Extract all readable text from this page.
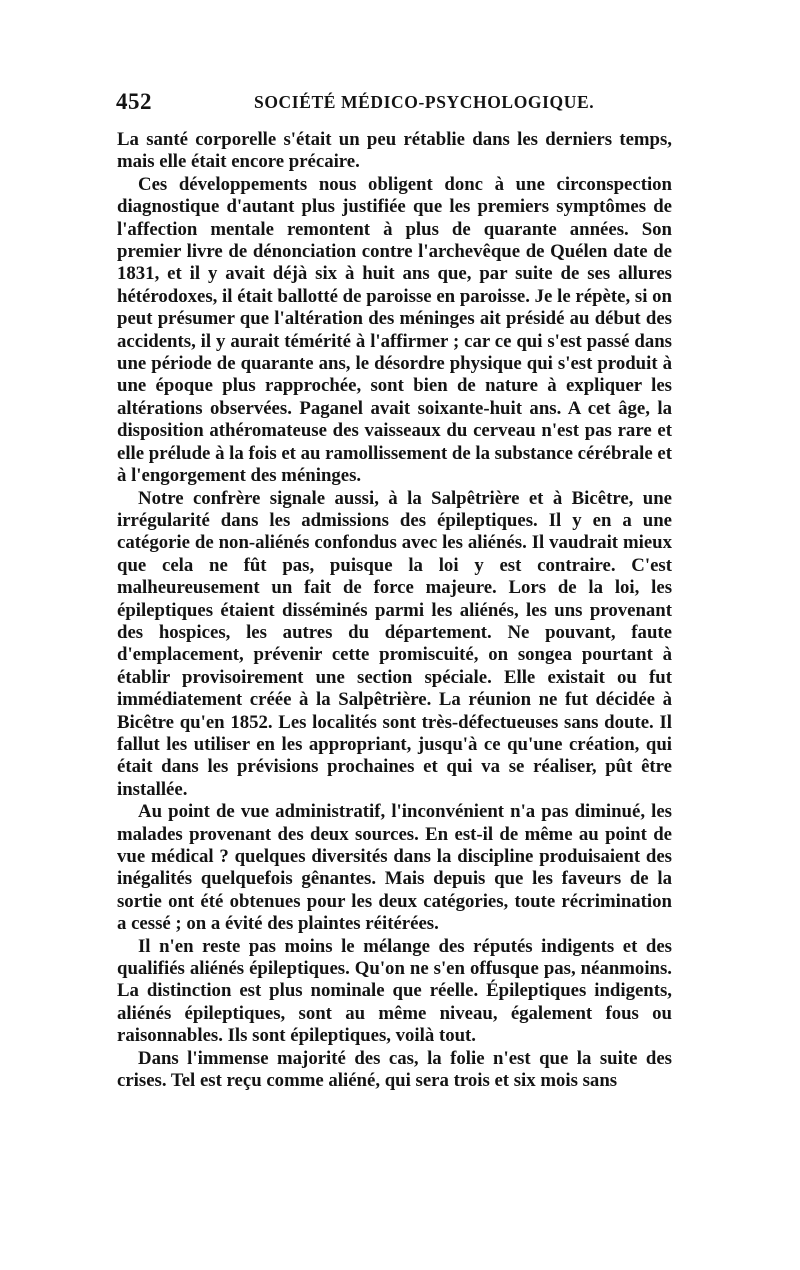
452	SOCIÉTÉ MÉDICO-PSYCHOLOGIQUE.

La santé corporelle s'était un peu rétablie dans les derniers temps, mais elle était encore précaire.

Ces développements nous obligent donc à une circonspection diagnostique d'autant plus justifiée que les premiers symptômes de l'affection mentale remontent à plus de quarante années. Son premier livre de dénonciation contre l'archevêque de Quélen date de 1831, et il y avait déjà six à huit ans que, par suite de ses allures hétérodoxes, il était ballotté de paroisse en paroisse. Je le répète, si on peut présumer que l'altération des méninges ait présidé au début des accidents, il y aurait témérité à l'affirmer ; car ce qui s'est passé dans une période de quarante ans, le désordre physique qui s'est produit à une époque plus rapprochée, sont bien de nature à expliquer les altérations observées. Paganel avait soixante-huit ans. A cet âge, la disposition athéromateuse des vaisseaux du cerveau n'est pas rare et elle prélude à la fois et au ramollissement de la substance cérébrale et à l'engorgement des méninges.

Notre confrère signale aussi, à la Salpêtrière et à Bicêtre, une irrégularité dans les admissions des épileptiques. Il y en a une catégorie de non-aliénés confondus avec les aliénés. Il vaudrait mieux que cela ne fût pas, puisque la loi y est contraire. C'est malheureusement un fait de force majeure. Lors de la loi, les épileptiques étaient disséminés parmi les aliénés, les uns provenant des hospices, les autres du département. Ne pouvant, faute d'emplacement, prévenir cette promiscuité, on songea pourtant à établir provisoirement une section spéciale. Elle existait ou fut immédiatement créée à la Salpêtrière. La réunion ne fut décidée à Bicêtre qu'en 1852. Les localités sont très-défectueuses sans doute. Il fallut les utiliser en les appropriant, jusqu'à ce qu'une création, qui était dans les prévisions prochaines et qui va se réaliser, pût être installée.

Au point de vue administratif, l'inconvénient n'a pas diminué, les malades provenant des deux sources. En est-il de même au point de vue médical ? quelques diversités dans la discipline produisaient des inégalités quelquefois gênantes. Mais depuis que les faveurs de la sortie ont été obtenues pour les deux catégories, toute récrimination a cessé ; on a évité des plaintes réitérées.

Il n'en reste pas moins le mélange des réputés indigents et des qualifiés aliénés épileptiques. Qu'on ne s'en offusque pas, néanmoins. La distinction est plus nominale que réelle. Épileptiques indigents, aliénés épileptiques, sont au même niveau, également fous ou raisonnables. Ils sont épileptiques, voilà tout.

Dans l'immense majorité des cas, la folie n'est que la suite des crises. Tel est reçu comme aliéné, qui sera trois et six mois sans
